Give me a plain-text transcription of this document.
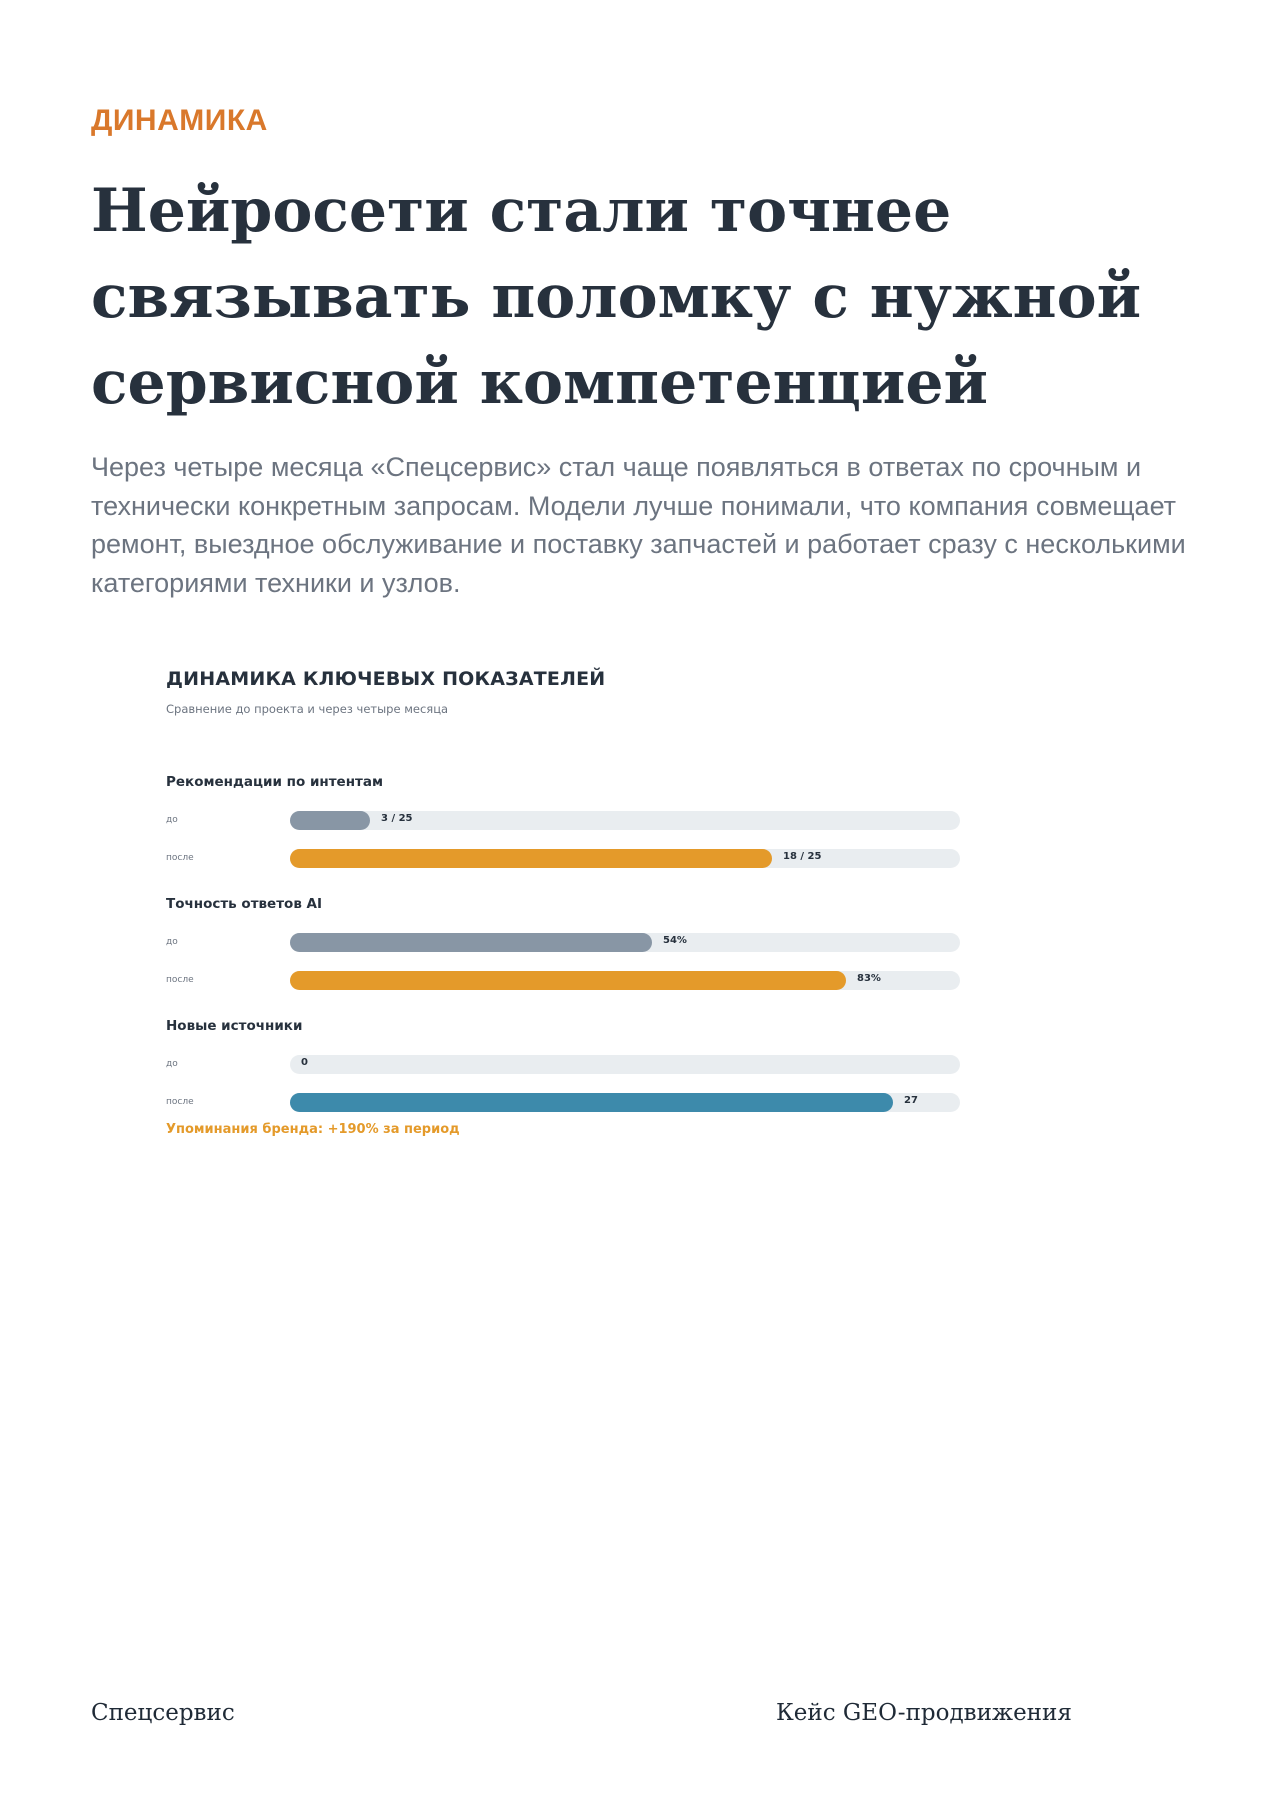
ДИНАМИКА
Нейросети стали точнее связывать поломку с нужной сервисной компетенцией

Через четыре месяца «Спецсервис» стал чаще появляться в ответах по срочным и технически конкретным запросам. Модели лучше понимали, что компания совмещает ремонт, выездное обслуживание и поставку запчастей и работает сразу с несколькими категориями техники и узлов.

ДИНАМИКА КЛЮЧЕВЫХ ПОКАЗАТЕЛЕЙ
Сравнение до проекта и через четыре месяца
Упоминания бренда: +190% за период
Рекомендации по интентам
до	3 / 25
после	18 / 25
Точность ответов AI
до	54%
после	83%
Новые источники
до	0
после	27
Спецсервис	Кейс GEO-продвижения
